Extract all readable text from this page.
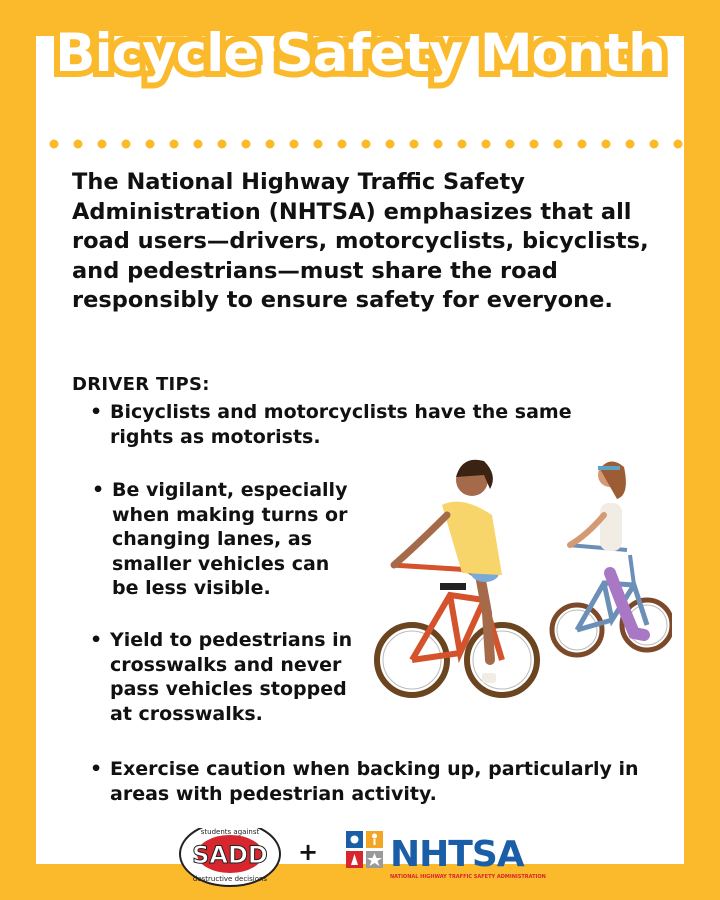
Bicycle Safety Month

The National Highway Traffic Safety Administration (NHTSA) emphasizes that all road users—drivers, motorcyclists, bicyclists, and pedestrians—must share the road responsibly to ensure safety for everyone.

DRIVER TIPS:

• Bicyclists and motorcyclists have the same rights as motorists.
• Be vigilant, especially when making turns or changing lanes, as smaller vehicles can be less visible.
• Yield to pedestrians in crosswalks and never pass vehicles stopped at crosswalks.
• Exercise caution when backing up, particularly in areas with pedestrian activity.
SADD
students against
destructive decisions
+ NHTSA
NATIONAL HIGHWAY TRAFFIC SAFETY ADMINISTRATION
